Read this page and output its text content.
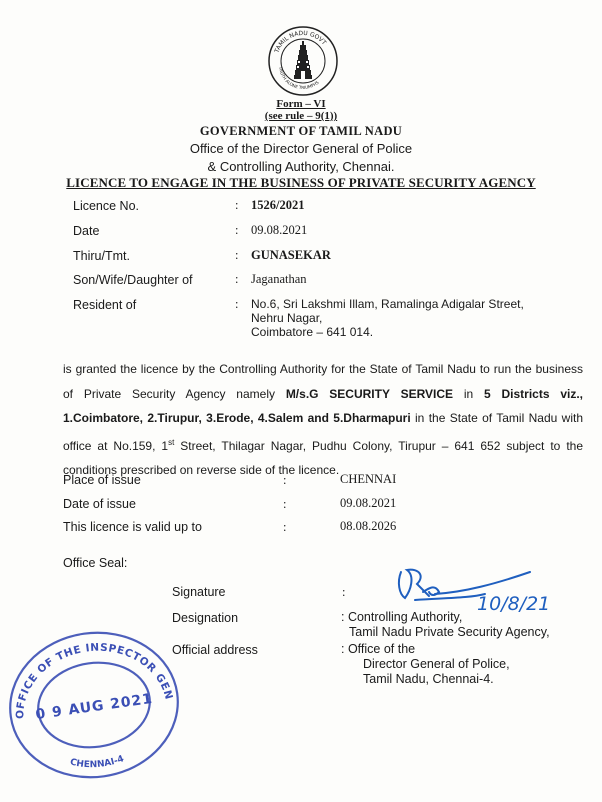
TAMIL NADU GOVT
TRUTH ALONE TRIUMPHS
Form – VI
(see rule – 9(1))
GOVERNMENT OF TAMIL NADU
Office of the Director General of Police
& Controlling Authority, Chennai.
LICENCE TO ENGAGE IN THE BUSINESS OF PRIVATE SECURITY AGENCY
Licence No.	: 1526/2021
Date	: 09.08.2021
Thiru/Tmt.	: GUNASEKAR
Son/Wife/Daughter of	: Jaganathan
Resident of	: No.6, Sri Lakshmi Illam, Ramalinga Adigalar Street,
Nehru Nagar,
Coimbatore – 641 014.
is granted the licence by the Controlling Authority for the State of Tamil Nadu to run the business of Private Security Agency namely M/s.G SECURITY SERVICE in 5 Districts viz., 1.Coimbatore, 2.Tirupur, 3.Erode, 4.Salem and 5.Dharmapuri in the State of Tamil Nadu with office at No.159, 1st Street, Thilagar Nagar, Pudhu Colony, Tirupur – 641 652 subject to the conditions prescribed on reverse side of the licence.
Place of issue	:	CHENNAI
Date of issue	:	09.08.2021
This licence is valid up to	:	08.08.2026
Office Seal:
Signature	:
10/8/21
Designation	: Controlling Authority,
Tamil Nadu Private Security Agency,
Official address	: Office of the
Director General of Police,
Tamil Nadu, Chennai-4.
OFFICE OF THE INSPECTOR GENERAL
0 9 AUG 2021
CHENNAI-4
